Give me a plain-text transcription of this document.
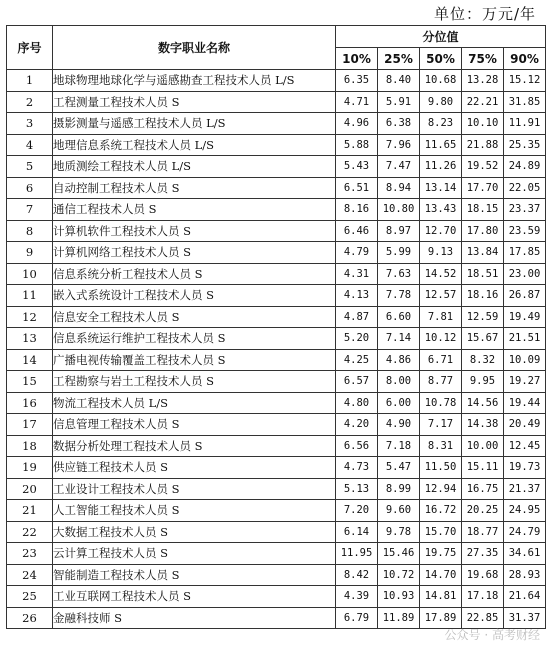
单位：万元/年
序号	数字职业名称	分位值				
		10%	25%	50%	75%	90%
1	地球物理地球化学与遥感勘查工程技术人员 L/S	6.35	8.40	10.68	13.28	15.12
2	工程测量工程技术人员 S	4.71	5.91	9.80	22.21	31.85
3	摄影测量与遥感工程技术人员 L/S	4.96	6.38	8.23	10.10	11.91
4	地理信息系统工程技术人员 L/S	5.88	7.96	11.65	21.88	25.35
5	地质测绘工程技术人员 L/S	5.43	7.47	11.26	19.52	24.89
6	自动控制工程技术人员 S	6.51	8.94	13.14	17.70	22.05
7	通信工程技术人员 S	8.16	10.80	13.43	18.15	23.37
8	计算机软件工程技术人员 S	6.46	8.97	12.70	17.80	23.59
9	计算机网络工程技术人员 S	4.79	5.99	9.13	13.84	17.85
10	信息系统分析工程技术人员 S	4.31	7.63	14.52	18.51	23.00
11	嵌入式系统设计工程技术人员 S	4.13	7.78	12.57	18.16	26.87
12	信息安全工程技术人员 S	4.87	6.60	7.81	12.59	19.49
13	信息系统运行维护工程技术人员 S	5.20	7.14	10.12	15.67	21.51
14	广播电视传输覆盖工程技术人员 S	4.25	4.86	6.71	8.32	10.09
15	工程勘察与岩土工程技术人员 S	6.57	8.00	8.77	9.95	19.27
16	物流工程技术人员 L/S	4.80	6.00	10.78	14.56	19.44
17	信息管理工程技术人员 S	4.20	4.90	7.17	14.38	20.49
18	数据分析处理工程技术人员 S	6.56	7.18	8.31	10.00	12.45
19	供应链工程技术人员 S	4.73	5.47	11.50	15.11	19.73
20	工业设计工程技术人员 S	5.13	8.99	12.94	16.75	21.37
21	人工智能工程技术人员 S	7.20	9.60	16.72	20.25	24.95
22	大数据工程技术人员 S	6.14	9.78	15.70	18.77	24.79
23	云计算工程技术人员 S	11.95	15.46	19.75	27.35	34.61
24	智能制造工程技术人员 S	8.42	10.72	14.70	19.68	28.93
25	工业互联网工程技术人员 S	4.39	10.93	14.81	17.18	21.64
26	金融科技师 S	6.79	11.89	17.89	22.85	31.37
公众号 · 高考财经
